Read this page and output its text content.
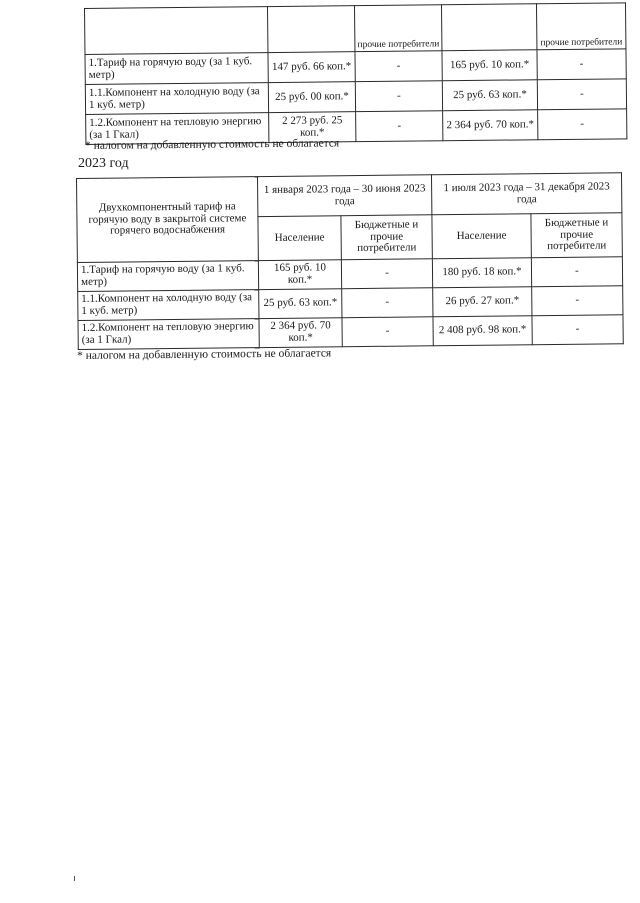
		прочие потребители		прочие потребители
1.Тариф на горячую воду (за 1 куб. метр)	147 руб. 66 коп.*	-	165 руб. 10 коп.*	-
1.1.Компонент на холодную воду (за 1 куб. метр)	25 руб. 00 коп.*	-	25 руб. 63 коп.*	-
1.2.Компонент на тепловую энергию (за 1 Гкал)	2 273 руб. 25 коп.*	-	2 364 руб. 70 коп.*	-
* налогом на добавленную стоимость не облагается
2023 год
Двухкомпонентный тариф на горячую воду в закрытой системе горячего водоснабжения	1 января 2023 года – 30 июня 2023 года		1 июля 2023 года – 31 декабря 2023 года	
	Население	Бюджетные и прочие потребители	Население	Бюджетные и прочие потребители
1.Тариф на горячую воду (за 1 куб. метр)	165 руб. 10 коп.*	-	180 руб. 18 коп.*	-
1.1.Компонент на холодную воду (за 1 куб. метр)	25 руб. 63 коп.*	-	26 руб. 27 коп.*	-
1.2.Компонент на тепловую энергию (за 1 Гкал)	2 364 руб. 70 коп.*	-	2 408 руб. 98 коп.*	-
* налогом на добавленную стоимость не облагается
